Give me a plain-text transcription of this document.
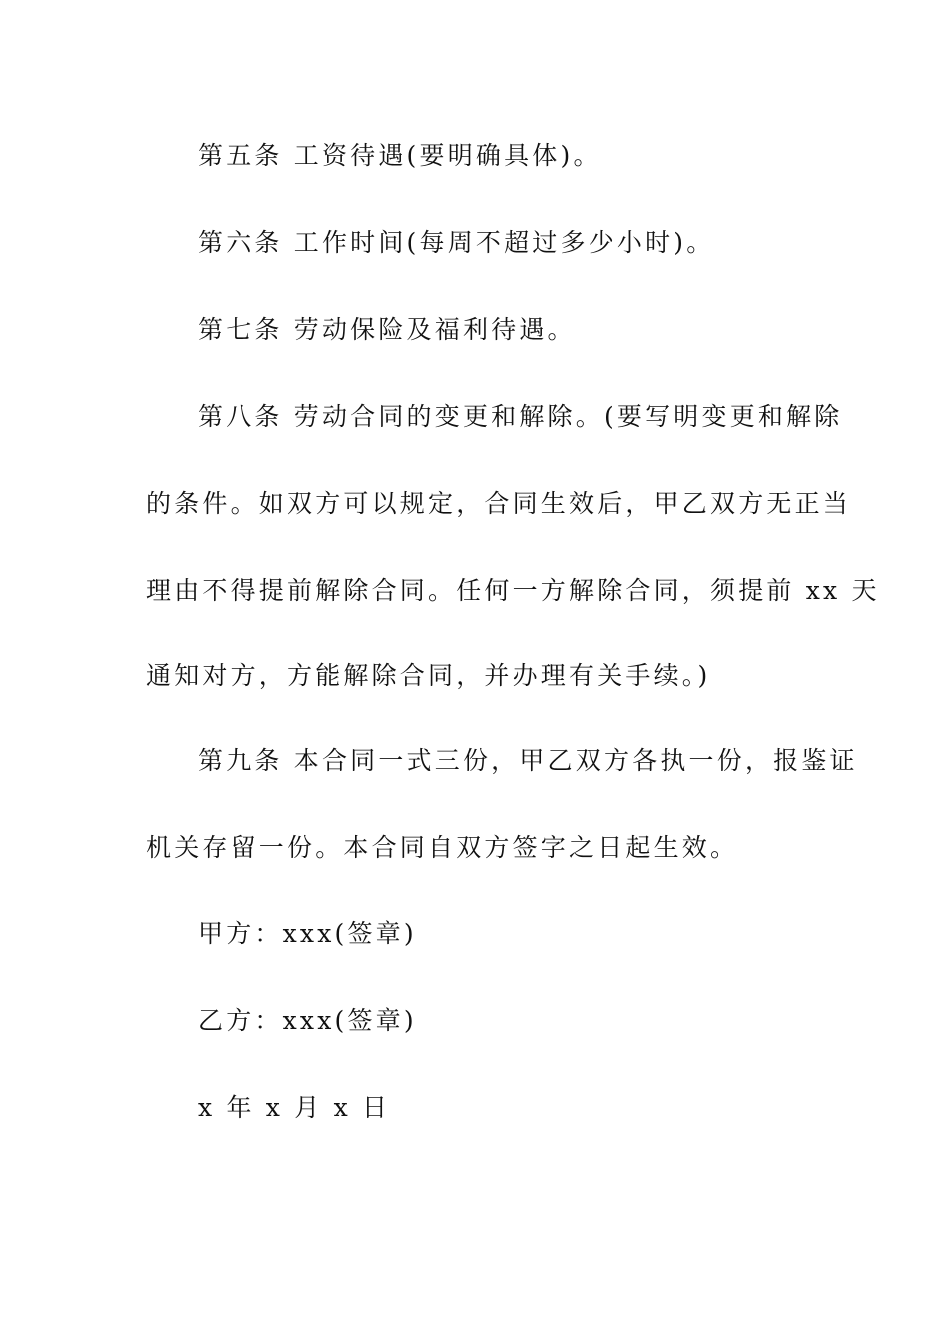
第五条 工资待遇(要明确具体)。
第六条 工作时间(每周不超过多少小时)。
第七条 劳动保险及福利待遇。
第八条 劳动合同的变更和解除。(要写明变更和解除
的条件。如双方可以规定，合同生效后，甲乙双方无正当
理由不得提前解除合同。任何一方解除合同，须提前 xx 天
通知对方，方能解除合同，并办理有关手续。)
第九条 本合同一式三份，甲乙双方各执一份，报鉴证
机关存留一份。本合同自双方签字之日起生效。
甲方：xxx(签章)
乙方：xxx(签章)
x 年 x 月 x 日
